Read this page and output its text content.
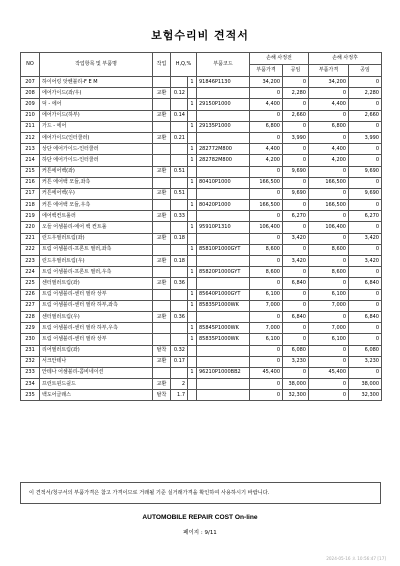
보험수리비 견적서
NO	작업항목 및 부품명	작업	H,Q,%		부품코드	손해 사정전		손해 사정후	
						부품가격	공임	부품가격	공임
207	하이어링 앗쎈블리-F E M			1	91846P1130	34,200	0	34,200	0
208	에어가이드(좌/우)	교환	0.12			0	2,280	0	2,280
209	덕 - 에어			1	29150P1000	4,400	0	4,400	0
210	에어가이드(하부)	교환	0.14			0	2,660	0	2,660
211	가드 - 에어			1	29135P1000	6,800	0	6,800	0
212	에어가이드(인터쿨러)	교환	0.21			0	3,990	0	3,990
213	상단 에어가이드-인터쿨러			1	282772M800	4,400	0	4,400	0
214	하단 에어가이드-인터쿨러			1	282782M800	4,200	0	4,200	0
215	커튼에어백(좌)	교환	0.51			0	9,690	0	9,690
216	커튼 에어백 모듈,좌측			1	80410P1000	166,500	0	166,500	0
217	커튼에어백(우)	교환	0.51			0	9,690	0	9,690
218	커튼 에어백 모듈,우측			1	80420P1000	166,500	0	166,500	0
219	에어백컨트롤러	교환	0.33			0	6,270	0	6,270
220	오들 어셈블리-에어 백 컨트롤			1	95910P1310	106,400	0	106,400	0
221	런드우필러트림(좌)	교환	0.18			0	3,420	0	3,420
222	트림 어셈블리-프론트 필러,좌측			1	85810P1000GYT	8,600	0	8,600	0
223	런드우필러트림(우)	교환	0.18			0	3,420	0	3,420
224	트림 어셈블리-프론트 필러,우측			1	85820P1000GYT	8,600	0	8,600	0
225	센터필러트림(좌)	교환	0.36			0	6,840	0	6,840
226	트림 어셈블리-센터 필라 상부			1	85640P1000GYT	6,100	0	6,100	0
227	트림 어셈블리-센터 필라 하부,좌측			1	85835P1000WK	7,000	0	7,000	0
228	센터필러트림(우)	교환	0.36			0	6,840	0	6,840
229	트림 어셈블리-센터 필라 하부,우측			1	85845P1000WK	7,000	0	7,000	0
230	트림 어셈블리-센터 필라 상부			1	85835P1000WK	6,100	0	6,100	0
231	리어필러트림(좌)	탈착	0.32			0	6,080	0	6,080
232	서크안테나	교환	0.17			0	3,230	0	3,230
233	안테나 어셈블리-콤비네이션			1	96210P1000BB2	45,400	0	45,400	0
234	프런트윈드쉴드	교환	2			0	38,000	0	38,000
235	백도어글래스	탈착	1.7			0	32,300	0	32,300
이 견적서/청구서의 부품가격은 참고 가격이므로 거래될 기준 실거래가격을 확인하여 사용하시기 바랍니다.
AUTOMOBILE REPAIR COST On-line
페이지 : 9/11
2024-05-16 오 10:56:47 [17]
